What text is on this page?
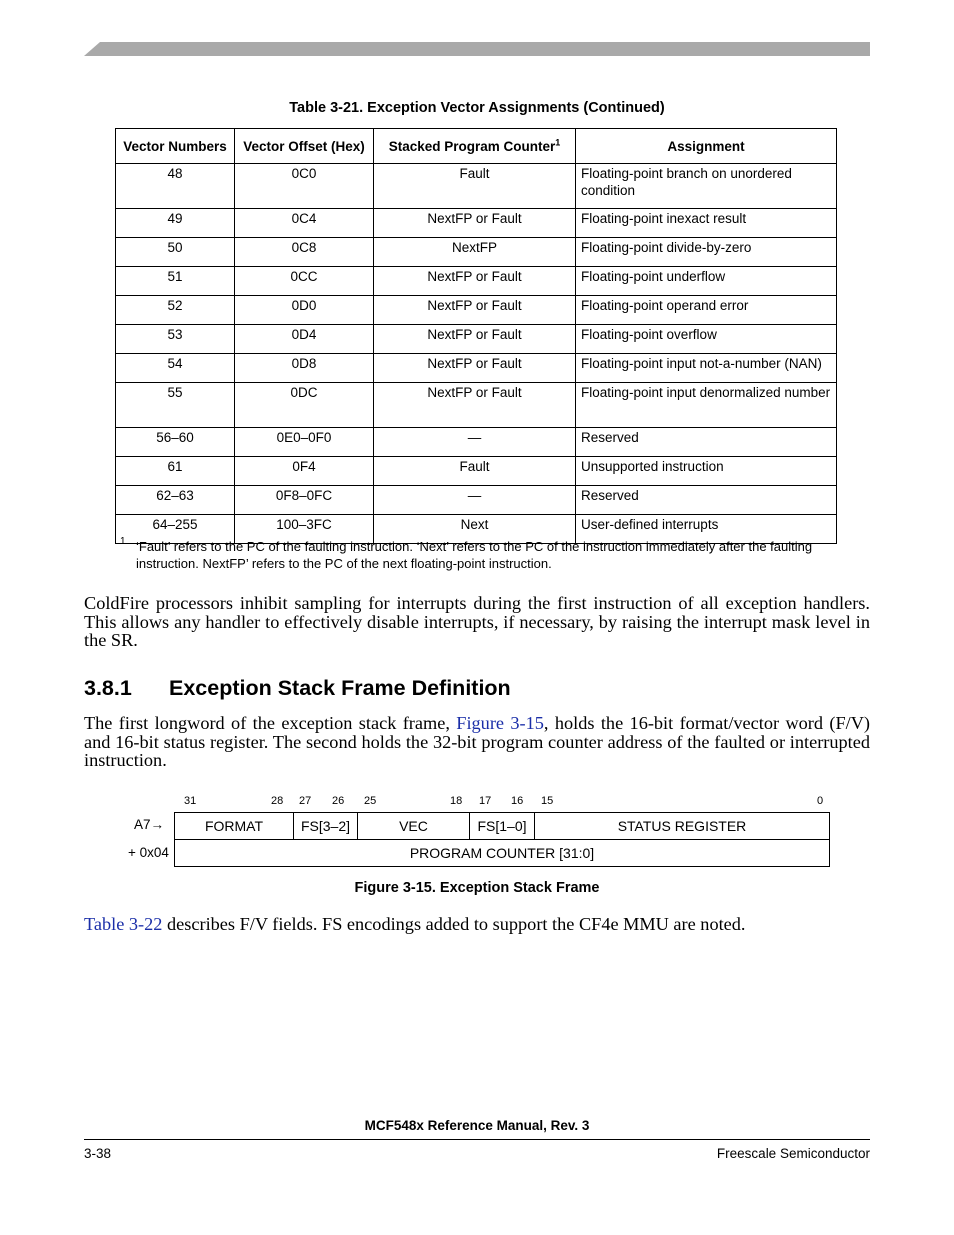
Table 3-21. Exception Vector Assignments (Continued)
Vector Numbers	Vector Offset (Hex)	Stacked Program Counter$^1$	Assignment
48	0C0	Fault	Floating-point branch on unordered condition
49	0C4	NextFP or Fault	Floating-point inexact result
50	0C8	NextFP	Floating-point divide-by-zero
51	0CC	NextFP or Fault	Floating-point underflow
52	0D0	NextFP or Fault	Floating-point operand error
53	0D4	NextFP or Fault	Floating-point overflow
54	0D8	NextFP or Fault	Floating-point input not-a-number (NAN)
55	0DC	NextFP or Fault	Floating-point input denormalized number
56–60	0E0–0F0	—	Reserved
61	0F4	Fault	Unsupported instruction
62–63	0F8–0FC	—	Reserved
64–255	100–3FC	Next	User-defined interrupts
1 ‘Fault’ refers to the PC of the faulting instruction. ‘Next’ refers to the PC of the instruction immediately after the faulting instruction. NextFP’ refers to the PC of the next floating-point instruction.
ColdFire processors inhibit sampling for interrupts during the first instruction of all exception handlers. This allows any handler to effectively disable interrupts, if necessary, by raising the interrupt mask level in the SR.
3.8.1 Exception Stack Frame Definition
The first longword of the exception stack frame, Figure 3-15, holds the 16-bit format/vector word (F/V) and 16-bit status register. The second holds the 32-bit program counter address of the faulted or interrupted instruction.
31	28 27 26 25	18 17 16 15	0
A7→
+ 0x04
FORMAT	FS[3–2]	VEC	FS[1–0]	STATUS REGISTER
PROGRAM COUNTER [31:0]
Figure 3-15. Exception Stack Frame
Table 3-22 describes F/V fields. FS encodings added to support the CF4e MMU are noted.
MCF548x Reference Manual, Rev. 3
3-38	Freescale Semiconductor
